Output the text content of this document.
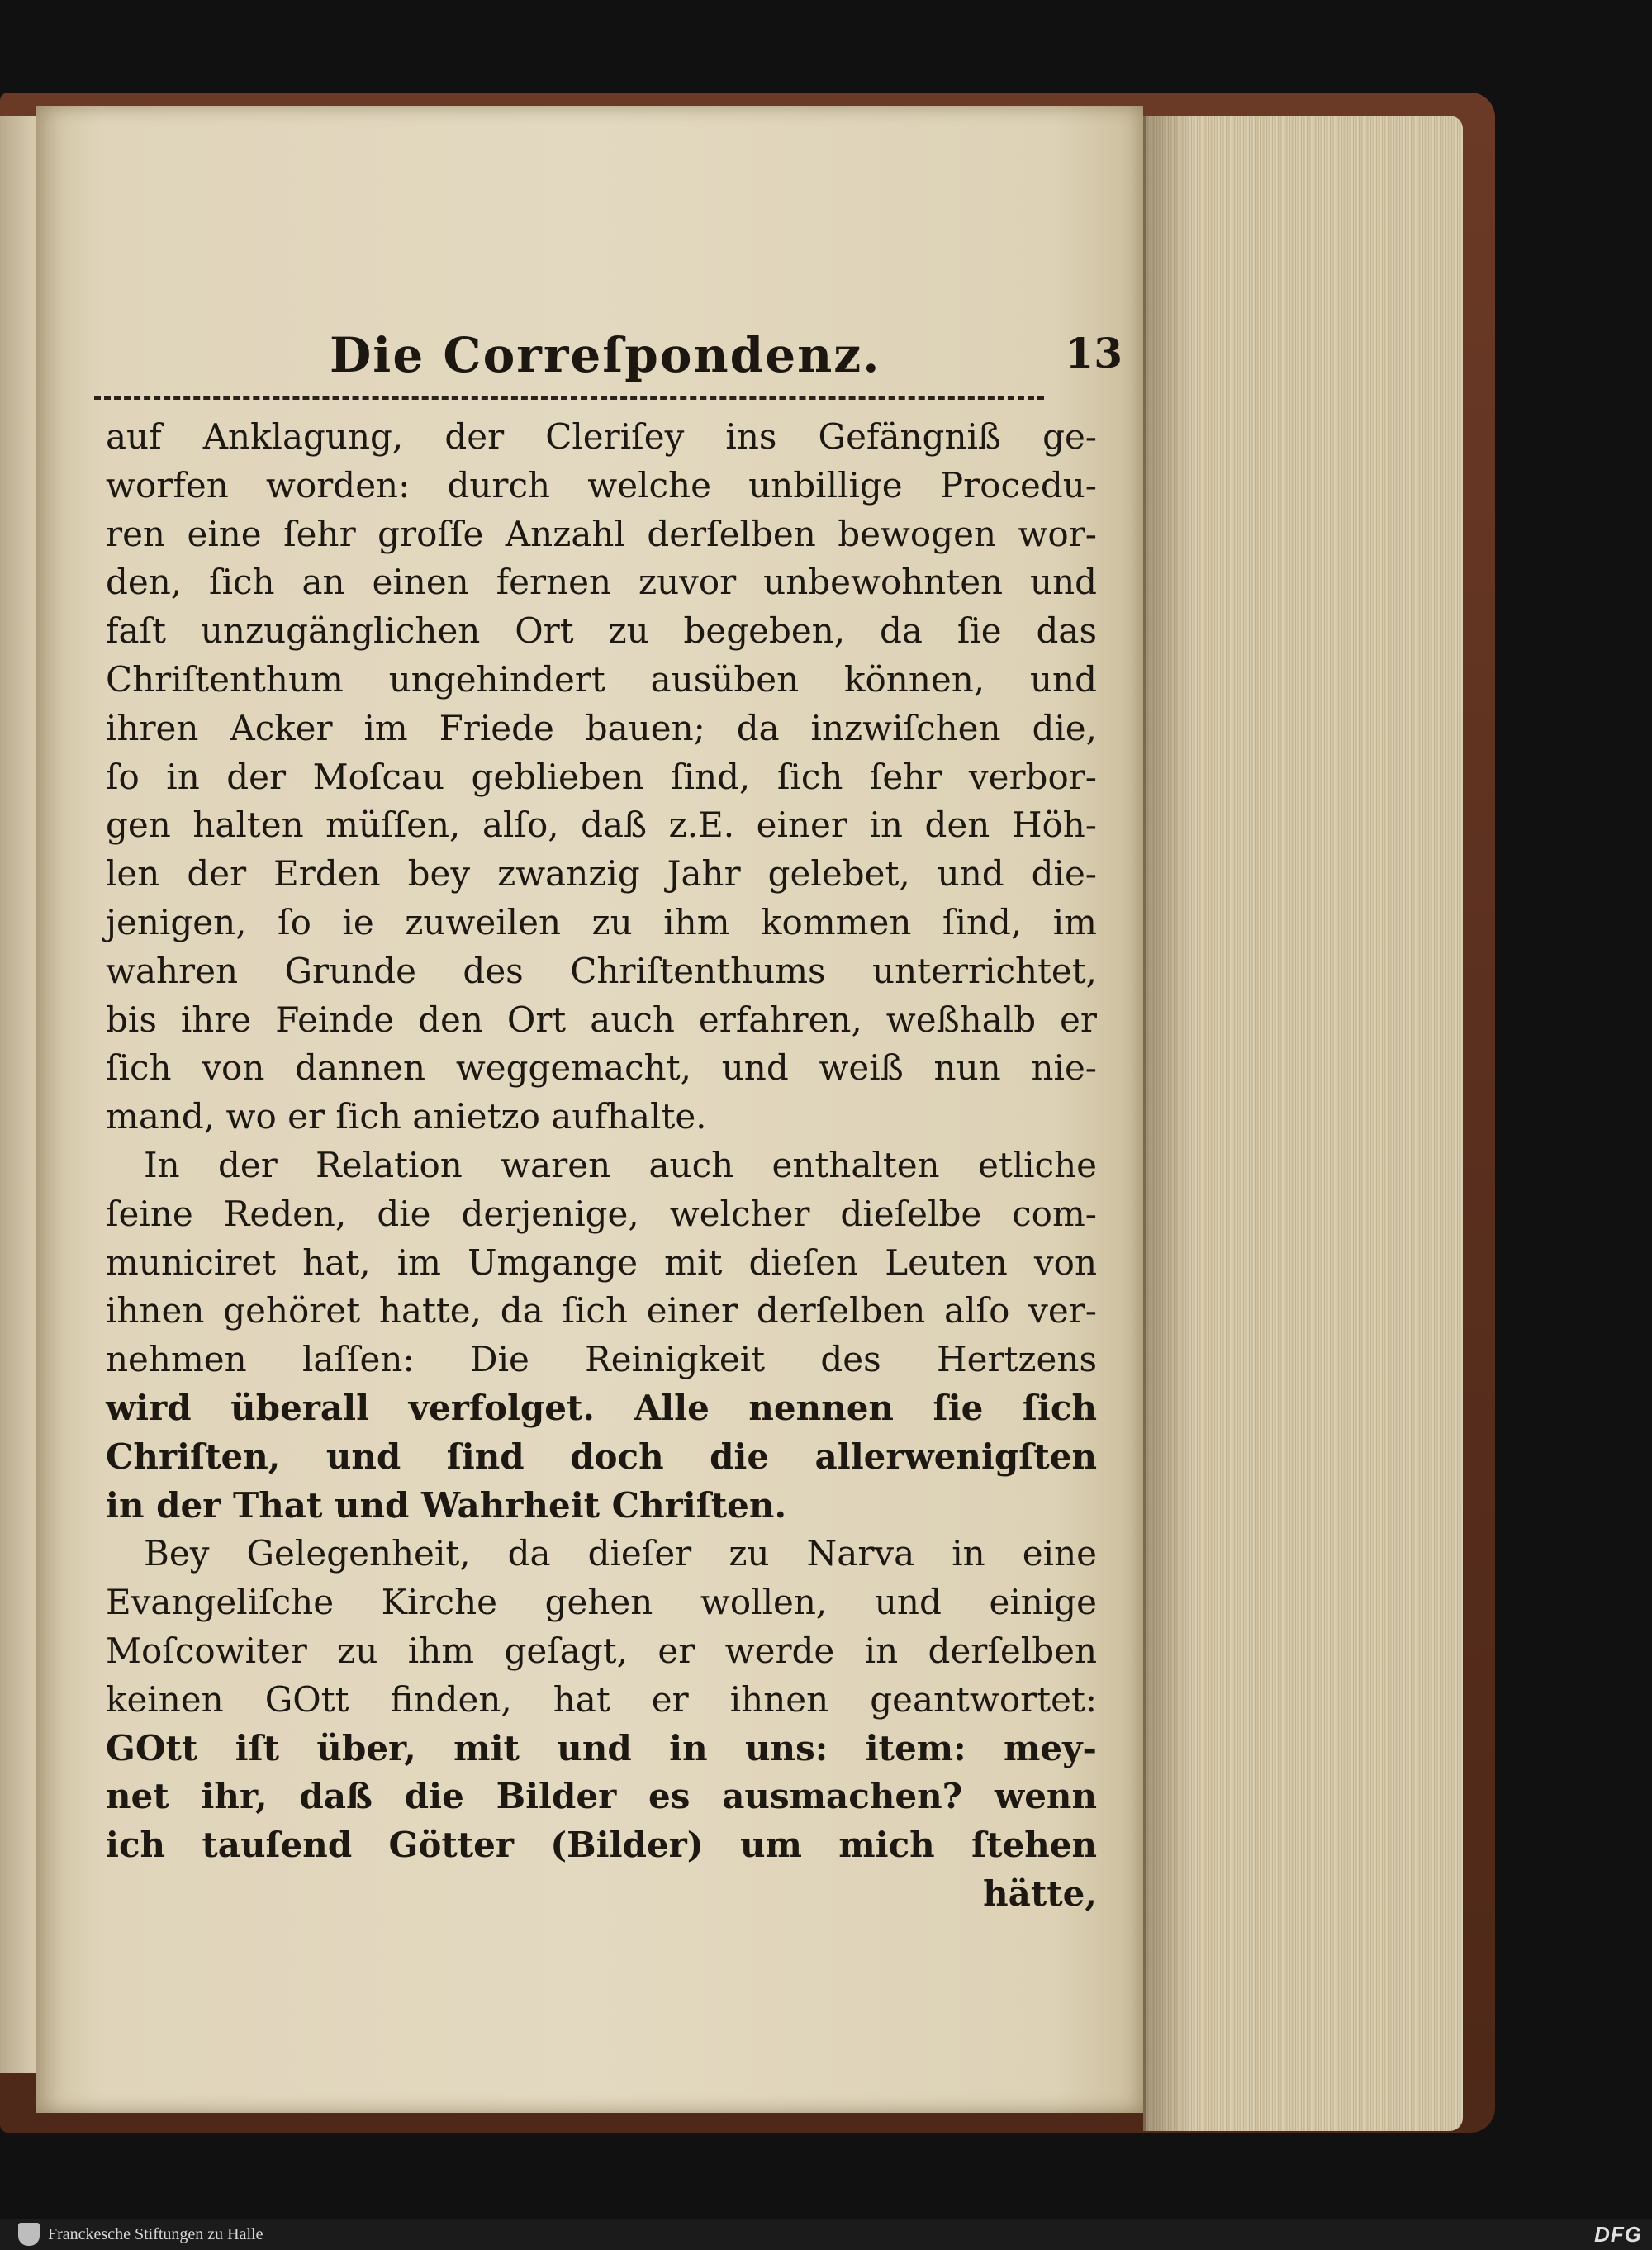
Die Correſpondenz.	13
auf Anklagung, der Cleriſey ins Gefängniß ge-
worfen worden: durch welche unbillige Procedu-
ren eine ſehr groſſe Anzahl derſelben bewogen wor-
den, ſich an einen fernen zuvor unbewohnten und
faſt unzugänglichen Ort zu begeben, da ſie das
Chriſtenthum ungehindert ausüben können, und
ihren Acker im Friede bauen; da inzwiſchen die,
ſo in der Moſcau geblieben ſind, ſich ſehr verbor-
gen halten müſſen, alſo, daß z.E. einer in den Höh-
len der Erden bey zwanzig Jahr gelebet, und die-
jenigen, ſo ie zuweilen zu ihm kommen ſind, im
wahren Grunde des Chriſtenthums unterrichtet,
bis ihre Feinde den Ort auch erfahren, weßhalb er
ſich von dannen weggemacht, und weiß nun nie-
mand, wo er ſich anietzo aufhalte.
In der Relation waren auch enthalten etliche
ſeine Reden, die derjenige, welcher dieſelbe com-
municiret hat, im Umgange mit dieſen Leuten von
ihnen gehöret hatte, da ſich einer derſelben alſo ver-
nehmen laſſen: Die Reinigkeit des Hertzens
wird überall verfolget. Alle nennen ſie ſich
Chriſten, und ſind doch die allerwenigſten
in der That und Wahrheit Chriſten.
Bey Gelegenheit, da dieſer zu Narva in eine
Evangeliſche Kirche gehen wollen, und einige
Moſcowiter zu ihm geſagt, er werde in derſelben
keinen GOtt finden, hat er ihnen geantwortet:
GOtt iſt über, mit und in uns: item: mey-
net ihr, daß die Bilder es ausmachen? wenn
ich tauſend Götter (Bilder) um mich ſtehen
hätte,
Franckesche Stiftungen zu Halle	DFG
